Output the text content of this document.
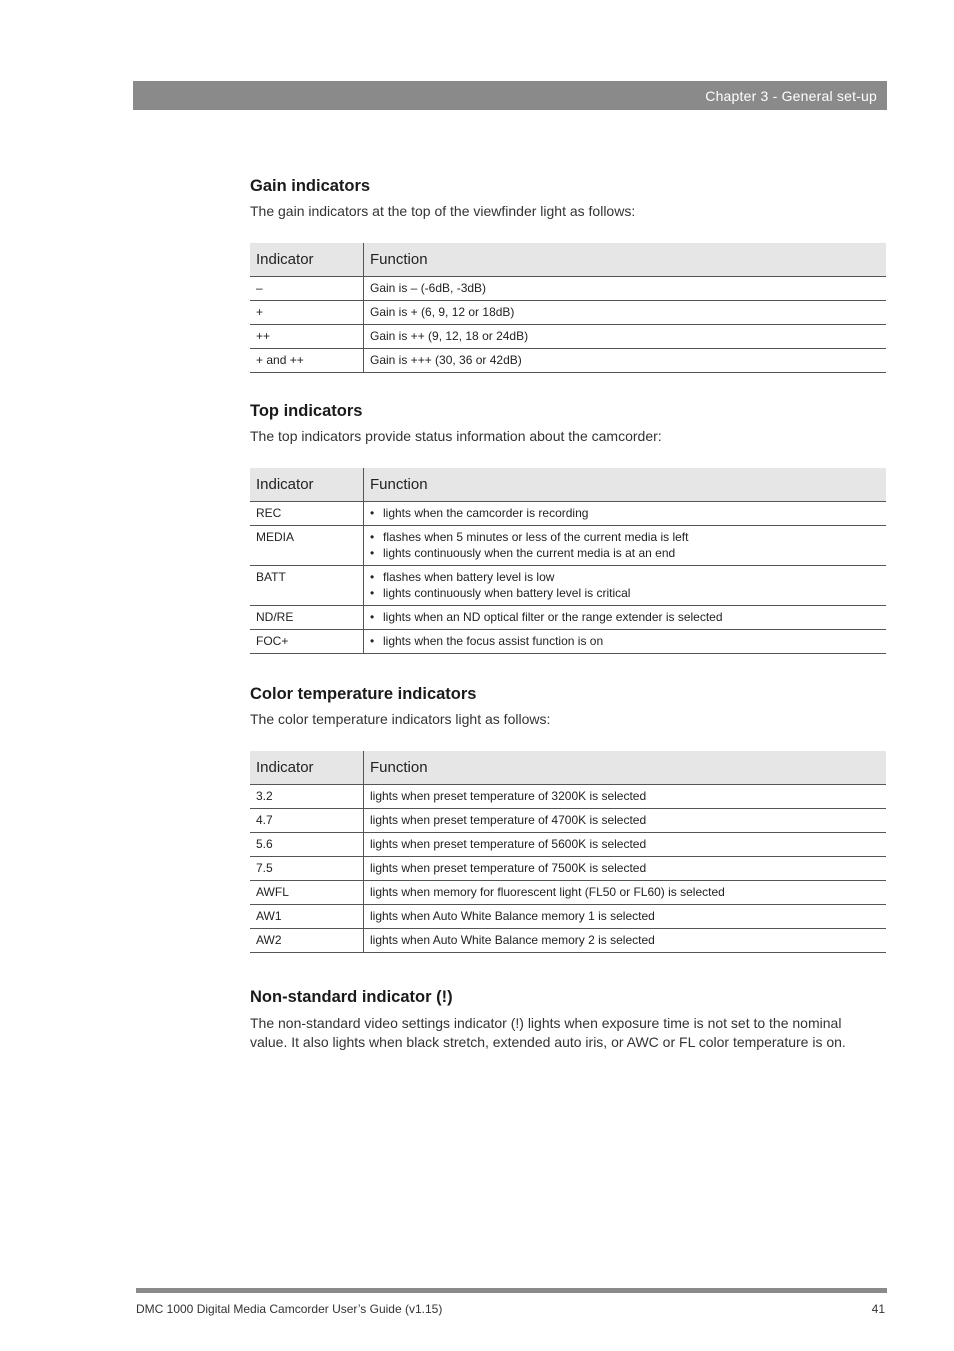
Chapter 3 - General set-up
Gain indicators

The gain indicators at the top of the viewfinder light as follows:

Indicator	Function
–	Gain is – (-6dB, -3dB)
+	Gain is + (6, 9, 12 or 18dB)
++	Gain is ++ (9, 12, 18 or 24dB)
+ and ++	Gain is +++ (30, 36 or 42dB)
Top indicators

The top indicators provide status information about the camcorder:

Indicator	Function
REC	• lights when the camcorder is recording

MEDIA	• flashes when 5 minutes or less of the current media is left
• lights continuously when the current media is at an end

BATT	• flashes when battery level is low
• lights continuously when battery level is critical

ND/RE	• lights when an ND optical filter or the range extender is selected

FOC+	• lights when the focus assist function is on
Color temperature indicators

The color temperature indicators light as follows:

Indicator	Function
3.2	lights when preset temperature of 3200K is selected
4.7	lights when preset temperature of 4700K is selected
5.6	lights when preset temperature of 5600K is selected
7.5	lights when preset temperature of 7500K is selected
AWFL	lights when memory for fluorescent light (FL50 or FL60) is selected
AW1	lights when Auto White Balance memory 1 is selected
AW2	lights when Auto White Balance memory 2 is selected
Non-standard indicator (!)

The non-standard video settings indicator (!) lights when exposure time is not set to the nominal value. It also lights when black stretch, extended auto iris, or AWC or FL color temperature is on.

DMC 1000 Digital Media Camcorder User’s Guide (v1.15)	41
